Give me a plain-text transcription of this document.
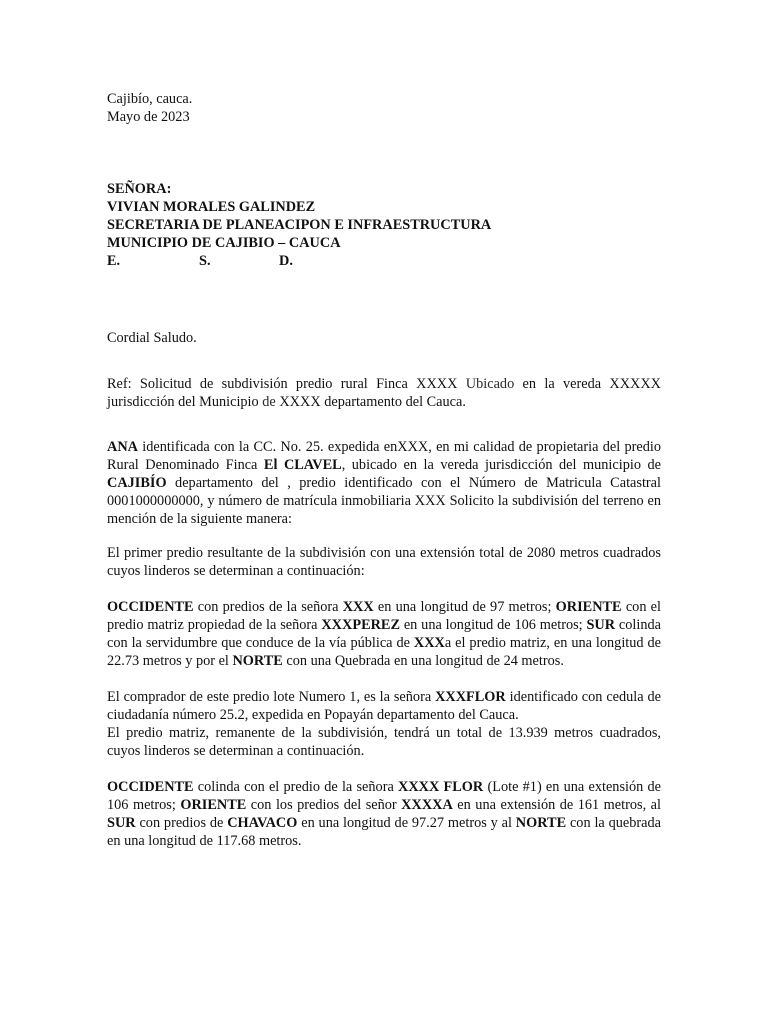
Cajibío, cauca.
Mayo de 2023
SEÑORA:
VIVIAN MORALES GALINDEZ
SECRETARIA DE PLANEACIPON E INFRAESTRUCTURA
MUNICIPIO DE CAJIBIO – CAUCA
E.	S.	D.
Cordial Saludo.

Ref: Solicitud de subdivisión predio rural Finca XXXX Ubicado en la vereda XXXXX jurisdicción del Municipio de XXXX departamento del Cauca.

ANA identificada con la CC. No. 25. expedida enXXX, en mi calidad de propietaria del predio Rural Denominado Finca El CLAVEL, ubicado en la vereda jurisdicción del municipio de CAJIBÍO departamento del , predio identificado con el Número de Matricula Catastral 0001000000000, y número de matrícula inmobiliaria XXX Solicito la subdivisión del terreno en mención de la siguiente manera:

El primer predio resultante de la subdivisión con una extensión total de 2080 metros cuadrados cuyos linderos se determinan a continuación:

OCCIDENTE con predios de la señora XXX en una longitud de 97 metros; ORIENTE con el predio matriz propiedad de la señora XXXPEREZ en una longitud de 106 metros; SUR colinda con la servidumbre que conduce de la vía pública de XXXa el predio matriz, en una longitud de 22.73 metros y por el NORTE con una Quebrada en una longitud de 24 metros.

El comprador de este predio lote Numero 1, es la señora XXXFLOR identificado con cedula de ciudadanía número 25.2, expedida en Popayán departamento del Cauca.

El predio matriz, remanente de la subdivisión, tendrá un total de 13.939 metros cuadrados, cuyos linderos se determinan a continuación.

OCCIDENTE colinda con el predio de la señora XXXX FLOR (Lote #1) en una extensión de 106 metros; ORIENTE con los predios del señor XXXXA en una extensión de 161 metros, al SUR con predios de CHAVACO en una longitud de 97.27 metros y al NORTE con la quebrada en una longitud de 117.68 metros.
